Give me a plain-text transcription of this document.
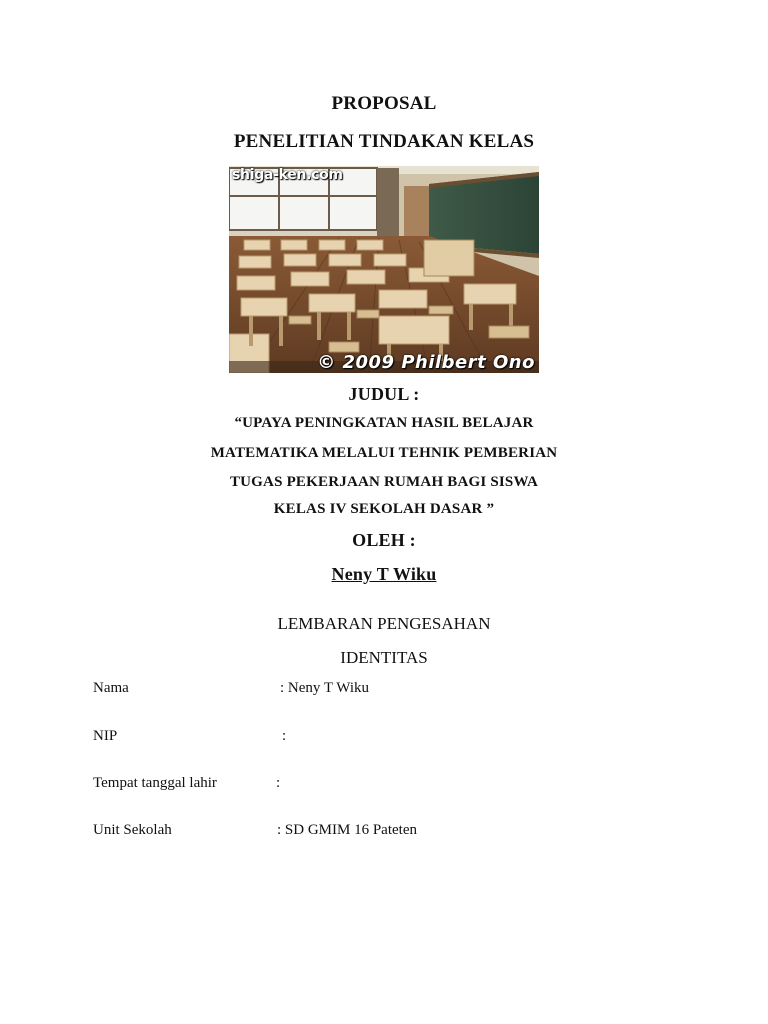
PROPOSAL
PENELITIAN TINDAKAN KELAS
shiga-ken.com
© 2009 Philbert Ono
JUDUL :
“UPAYA PENINGKATAN HASIL BELAJAR
MATEMATIKA MELALUI TEHNIK PEMBERIAN
TUGAS PEKERJAAN RUMAH BAGI SISWA
KELAS IV SEKOLAH DASAR ”
OLEH :
Neny T Wiku
LEMBARAN PENGESAHAN
IDENTITAS
Nama	: Neny T Wiku
NIP	:
Tempat tanggal lahir	:
Unit Sekolah	: SD GMIM 16 Pateten
